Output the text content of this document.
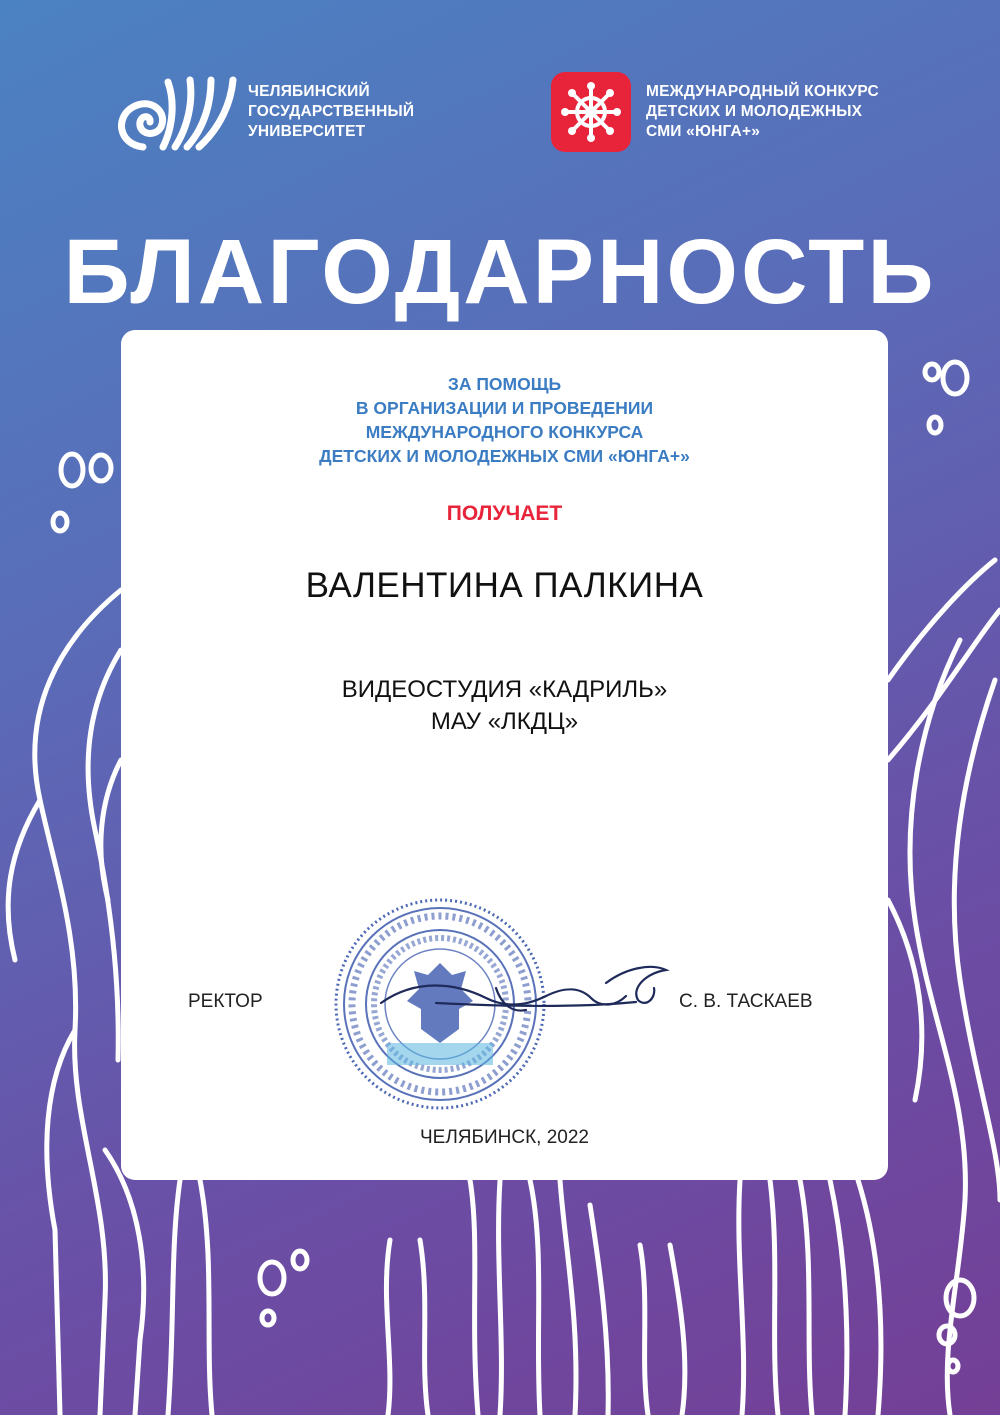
ЧЕЛЯБИНСКИЙ
ГОСУДАРСТВЕННЫЙ
УНИВЕРСИТЕТ
МЕЖДУНАРОДНЫЙ КОНКУРС
ДЕТСКИХ И МОЛОДЕЖНЫХ
СМИ «ЮНГА+»
БЛАГОДАРНОСТЬ
ЗА ПОМОЩЬ
В ОРГАНИЗАЦИИ И ПРОВЕДЕНИИ
МЕЖДУНАРОДНОГО КОНКУРСА
ДЕТСКИХ И МОЛОДЕЖНЫХ СМИ «ЮНГА+»
ПОЛУЧАЕТ
ВАЛЕНТИНА ПАЛКИНА
ВИДЕОСТУДИЯ «КАДРИЛЬ»
МАУ «ЛКДЦ»
РЕКТОР	С. В. ТАСКАЕВ
ЧЕЛЯБИНСК, 2022
